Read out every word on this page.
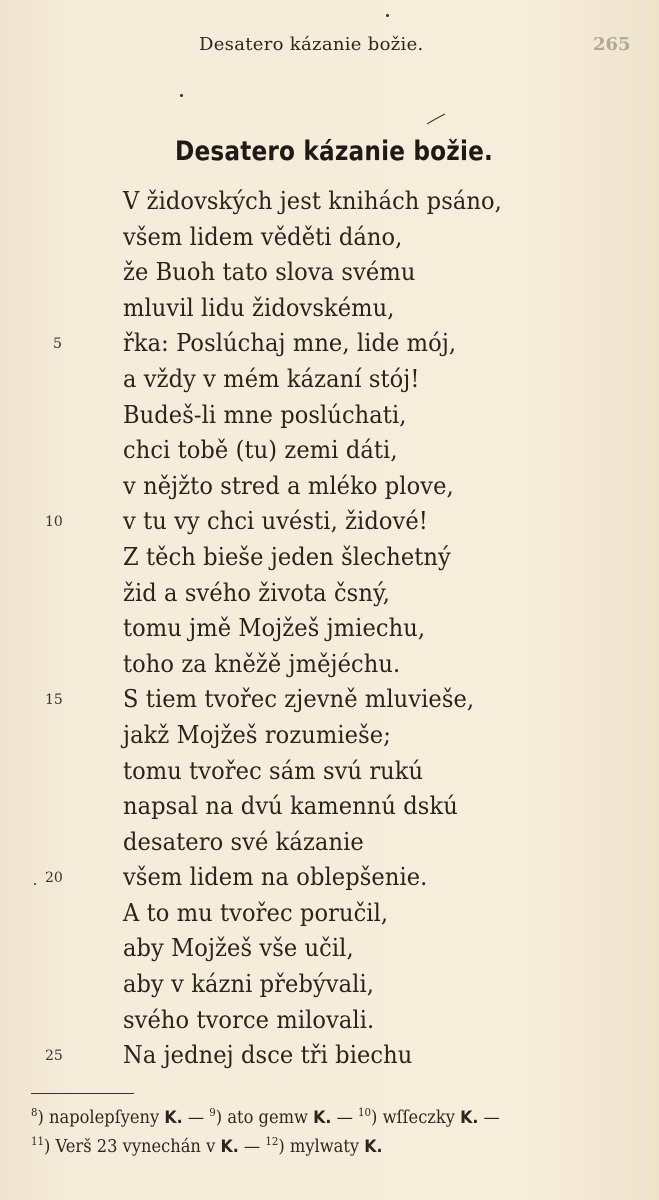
Desatero kázanie božie.	265
Desatero kázanie božie.
V židovských jest knihách psáno,
všem lidem věděti dáno,
že Buoh tato slova svému
mluvil lidu židovskému,
5 řka: Poslúchaj mne, lide mój,
a vždy v mém kázaní stój!
Budeš-li mne poslúchati,
chci tobě (tu) zemi dáti,
v nějžto stred a mléko plove,
10 v tu vy chci uvésti, židové!
Z těch bieše jeden šlechetný
žid a svého života čsný,
tomu jmě Mojžeš jmiechu,
toho za kněžě jmějéchu.
15 S tiem tvořec zjevně mluvieše,
jakž Mojžeš rozumieše;
tomu tvořec sám svú rukú
napsal na dvú kamennú dskú
desatero své kázanie
20 všem lidem na oblepšenie.
A to mu tvořec poručil,
aby Mojžeš vše učil,
aby v kázni přebývali,
svého tvorce milovali.
25 Na jednej dsce tři biechu
$^8$) napolepſyeny K. — $^9$) ato gemw K. — $^{10}$) wſſeczky K. —
$^{11}$) Verš 23 vynechán v K. — $^{12}$) mylwaty K.
